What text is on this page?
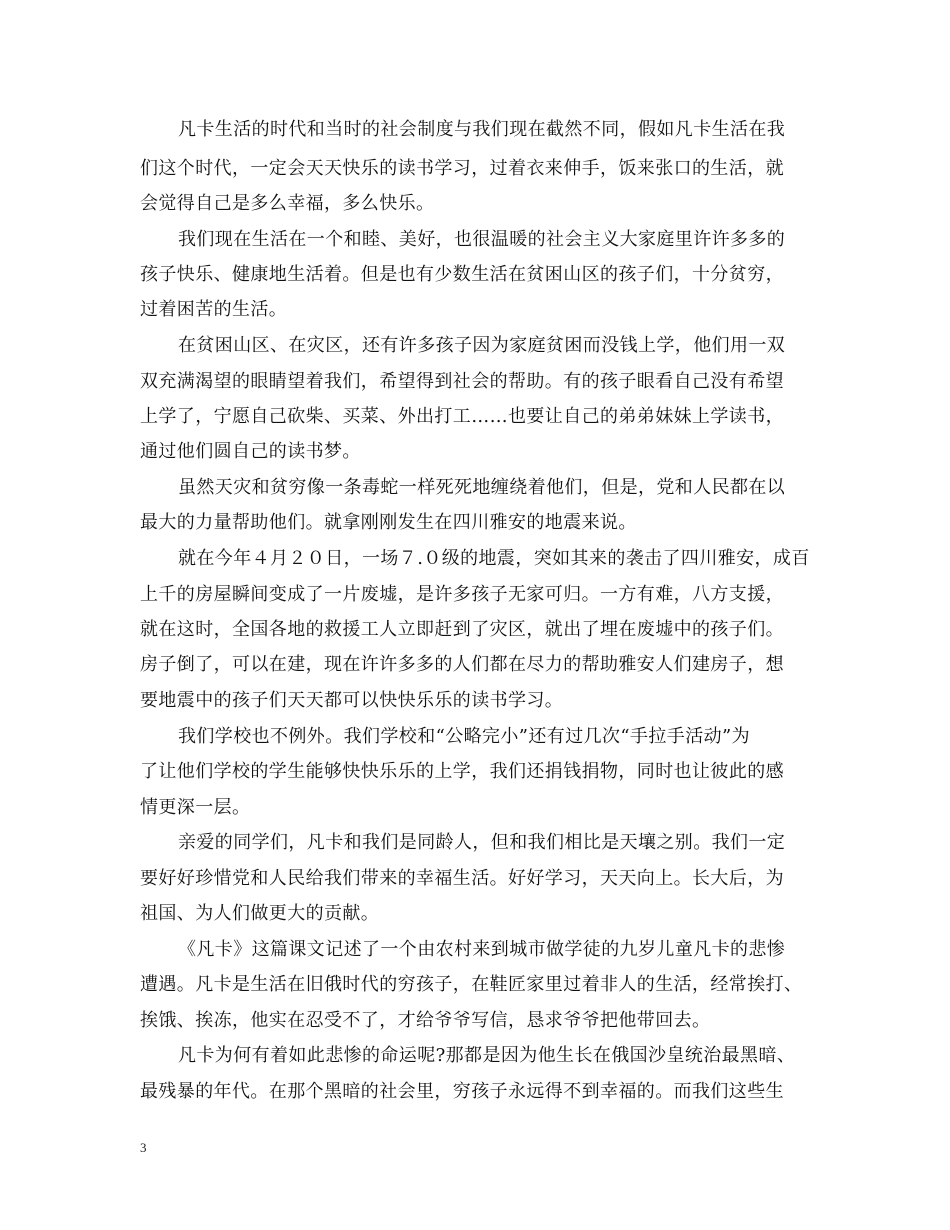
凡卡生活的时代和当时的社会制度与我们现在截然不同，假如凡卡生活在我
们这个时代，一定会天天快乐的读书学习，过着衣来伸手，饭来张口的生活，就
会觉得自己是多么幸福，多么快乐。
我们现在生活在一个和睦、美好，也很温暖的社会主义大家庭里许许多多的
孩子快乐、健康地生活着。但是也有少数生活在贫困山区的孩子们，十分贫穷，
过着困苦的生活。
在贫困山区、在灾区，还有许多孩子因为家庭贫困而没钱上学，他们用一双
双充满渴望的眼睛望着我们，希望得到社会的帮助。有的孩子眼看自己没有希望
上学了，宁愿自己砍柴、买菜、外出打工……也要让自己的弟弟妹妹上学读书，
通过他们圆自己的读书梦。
虽然天灾和贫穷像一条毒蛇一样死死地缠绕着他们，但是，党和人民都在以
最大的力量帮助他们。就拿刚刚发生在四川雅安的地震来说。
就在今年４月２０日，一场７.０级的地震，突如其来的袭击了四川雅安，成百
上千的房屋瞬间变成了一片废墟，是许多孩子无家可归。一方有难，八方支援，
就在这时，全国各地的救援工人立即赶到了灾区，就出了埋在废墟中的孩子们。
房子倒了，可以在建，现在许许多多的人们都在尽力的帮助雅安人们建房子，想
要地震中的孩子们天天都可以快快乐乐的读书学习。
我们学校也不例外。我们学校和“公略完小”还有过几次“手拉手活动”为
了让他们学校的学生能够快快乐乐的上学，我们还捐钱捐物，同时也让彼此的感
情更深一层。
亲爱的同学们，凡卡和我们是同龄人，但和我们相比是天壤之别。我们一定
要好好珍惜党和人民给我们带来的幸福生活。好好学习，天天向上。长大后，为
祖国、为人们做更大的贡献。
《凡卡》这篇课文记述了一个由农村来到城市做学徒的九岁儿童凡卡的悲惨
遭遇。凡卡是生活在旧俄时代的穷孩子，在鞋匠家里过着非人的生活，经常挨打、
挨饿、挨冻，他实在忍受不了，才给爷爷写信，恳求爷爷把他带回去。
凡卡为何有着如此悲惨的命运呢?那都是因为他生长在俄国沙皇统治最黑暗、
最残暴的年代。在那个黑暗的社会里，穷孩子永远得不到幸福的。而我们这些生
3
